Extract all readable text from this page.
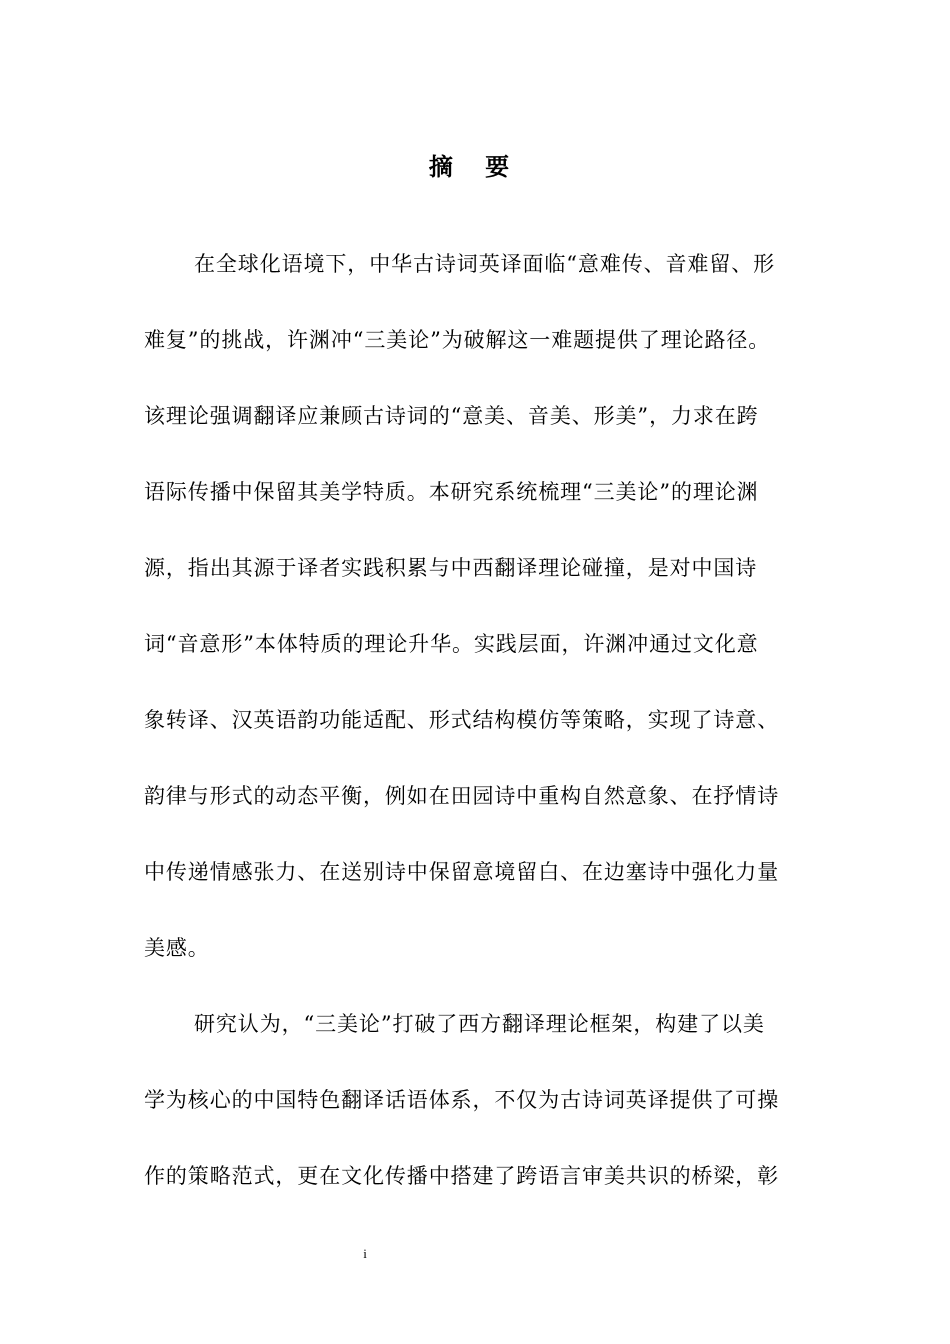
摘 要
在全球化语境下，中华古诗词英译面临“意难传、音难留、形
难复”的挑战，许渊冲“三美论”为破解这一难题提供了理论路径。
该理论强调翻译应兼顾古诗词的“意美、音美、形美”，力求在跨
语际传播中保留其美学特质。本研究系统梳理“三美论”的理论渊
源，指出其源于译者实践积累与中西翻译理论碰撞，是对中国诗
词“音意形”本体特质的理论升华。实践层面，许渊冲通过文化意
象转译、汉英语韵功能适配、形式结构模仿等策略，实现了诗意、
韵律与形式的动态平衡，例如在田园诗中重构自然意象、在抒情诗
中传递情感张力、在送别诗中保留意境留白、在边塞诗中强化力量
美感。
研究认为，“三美论”打破了西方翻译理论框架，构建了以美
学为核心的中国特色翻译话语体系，不仅为古诗词英译提供了可操
作的策略范式，更在文化传播中搭建了跨语言审美共识的桥梁，彰
i
